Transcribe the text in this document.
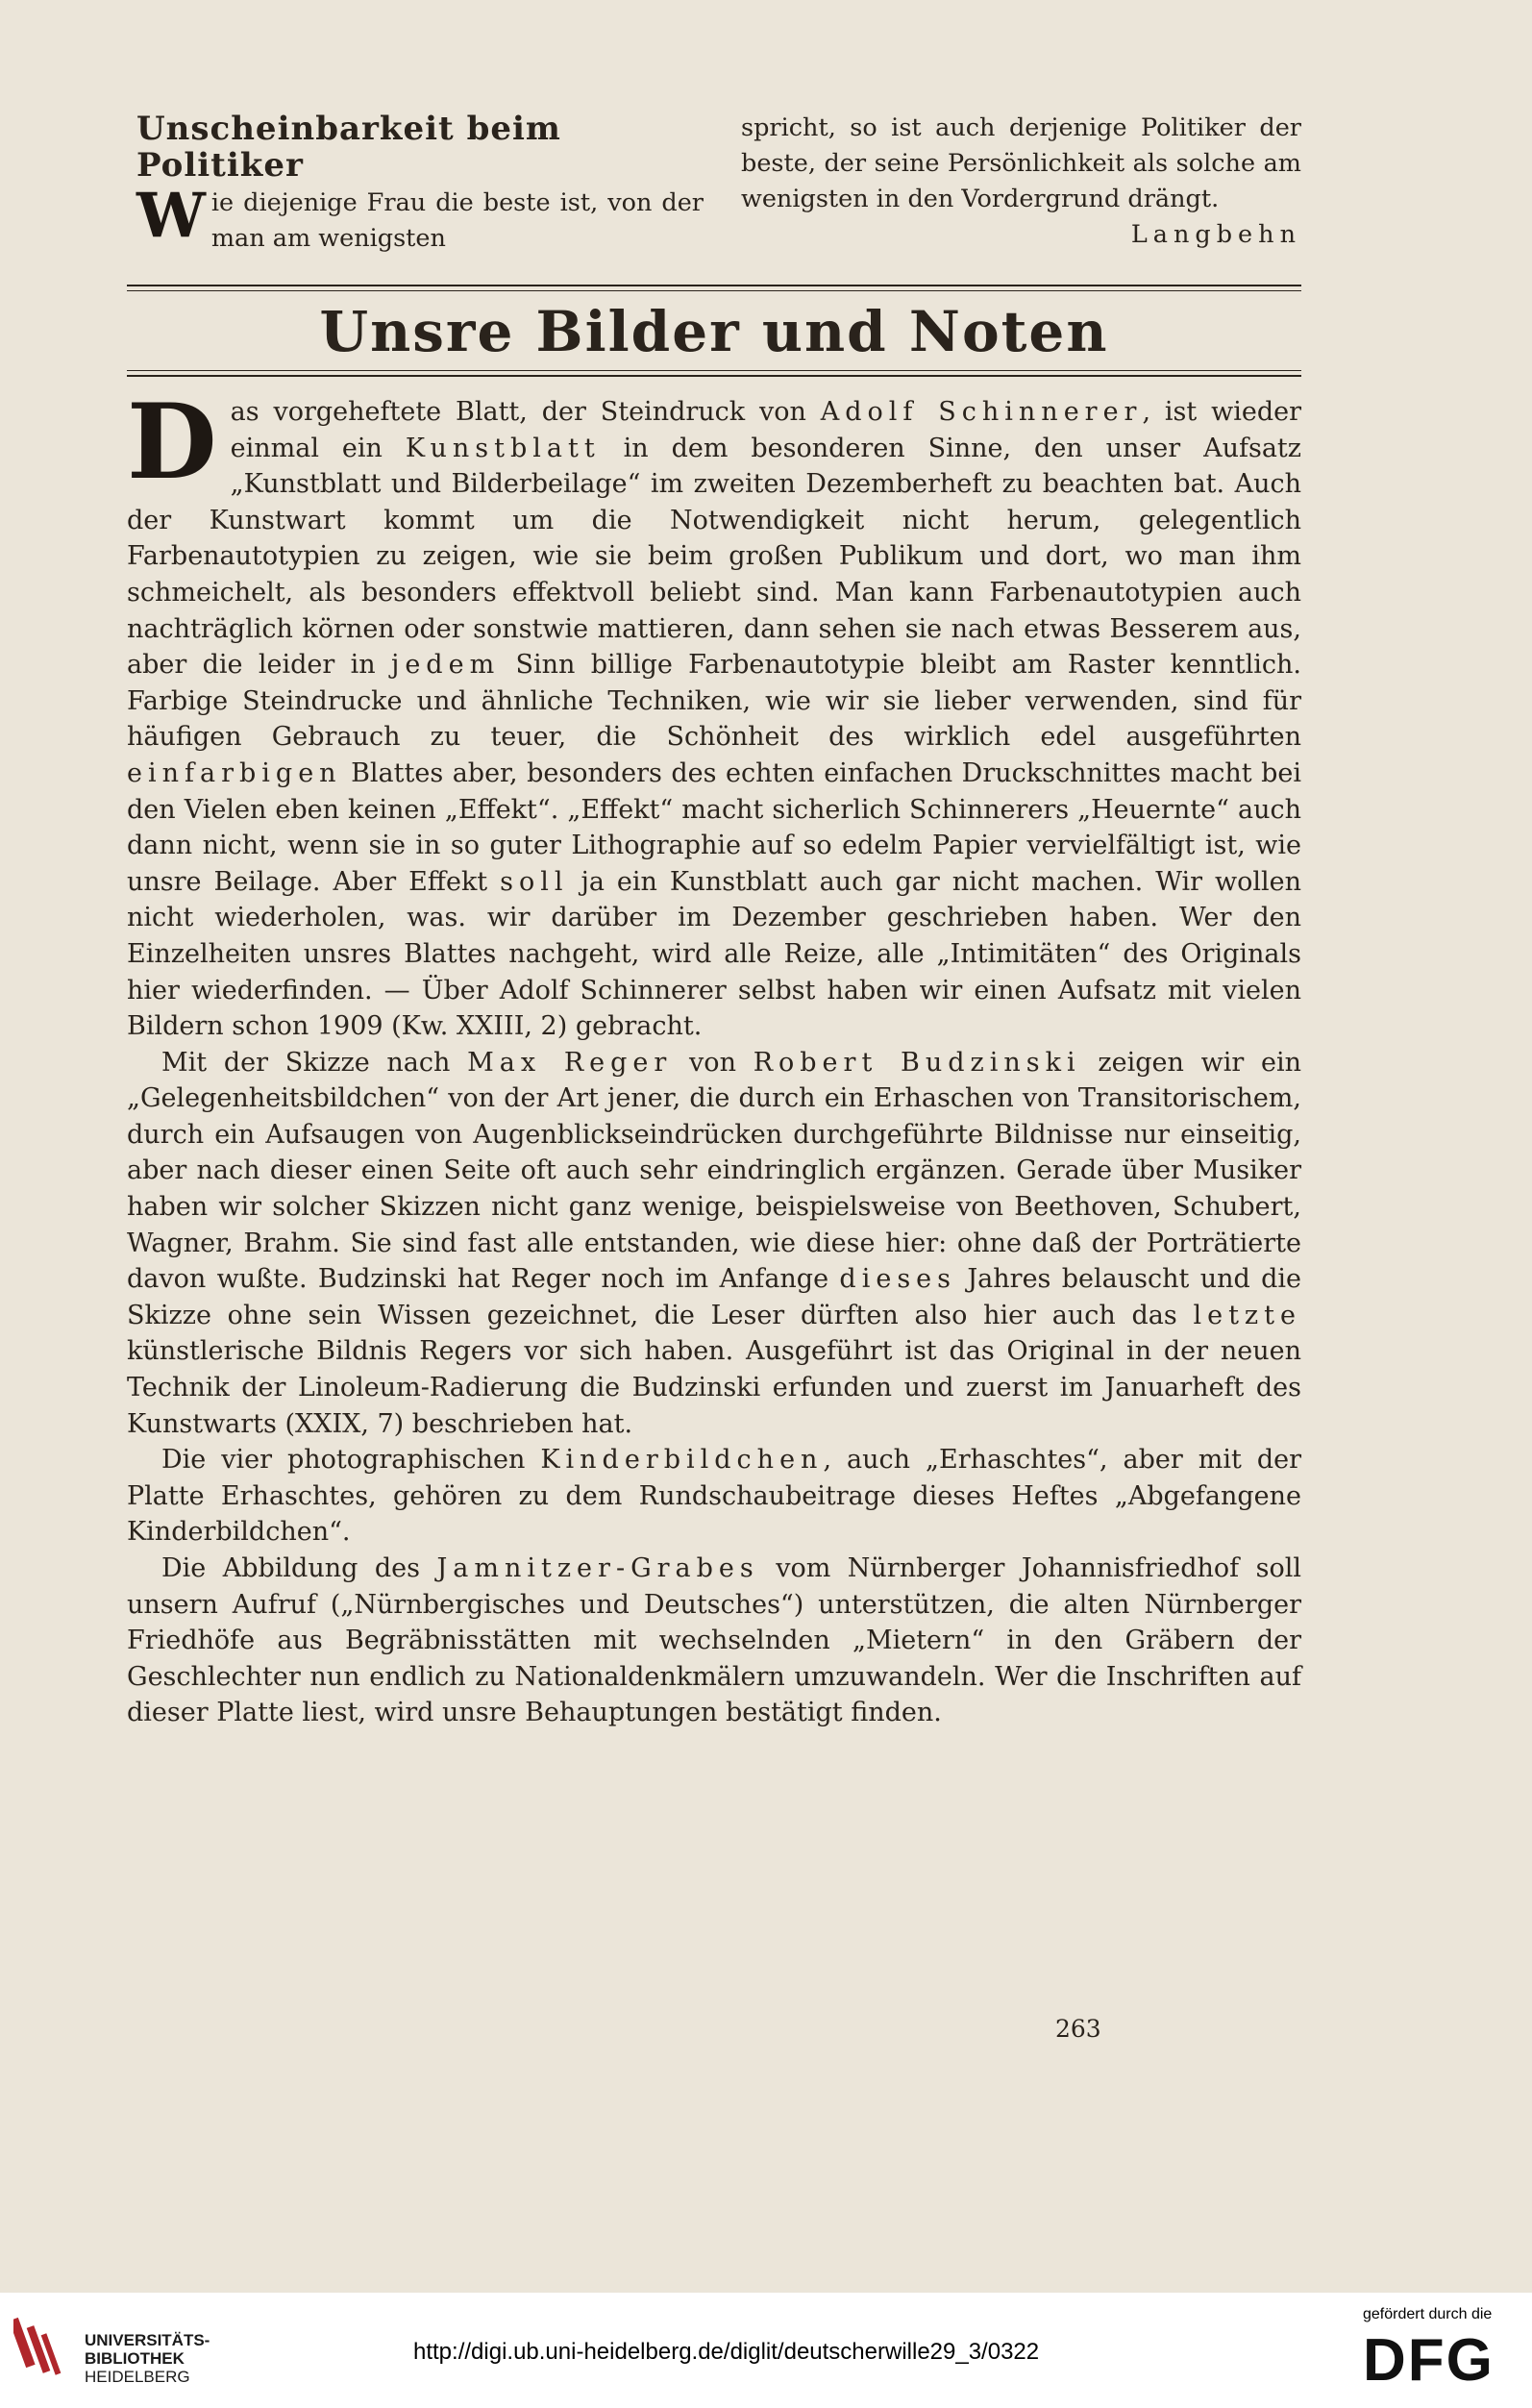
Unscheinbarkeit beim Politiker
W ie diejenige Frau die beste ist, von der man am wenigsten

spricht, so ist auch derjenige Politiker der beste, der seine Persönlichkeit als solche am wenigsten in den Vordergrund drängt.

Langbehn
Unsre Bilder und Noten

Das vorgeheftete Blatt, der Steindruck von Adolf Schinnerer, ist wieder einmal ein Kunstblatt in dem besonderen Sinne, den unser Aufsatz „Kunstblatt und Bilderbeilage“ im zweiten Dezemberheft zu beachten bat. Auch der Kunstwart kommt um die Notwendigkeit nicht herum, gelegentlich Farbenautotypien zu zeigen, wie sie beim großen Publikum und dort, wo man ihm schmeichelt, als besonders effektvoll beliebt sind. Man kann Farbenautotypien auch nachträglich körnen oder sonstwie mattieren, dann sehen sie nach etwas Besserem aus, aber die leider in jedem Sinn billige Farbenautotypie bleibt am Raster kenntlich. Farbige Steindrucke und ähnliche Techniken, wie wir sie lieber verwenden, sind für häufigen Gebrauch zu teuer, die Schönheit des wirklich edel ausgeführten einfarbigen Blattes aber, besonders des echten einfachen Druckschnittes macht bei den Vielen eben keinen „Effekt“. „Effekt“ macht sicherlich Schinnerers „Heuernte“ auch dann nicht, wenn sie in so guter Lithographie auf so edelm Papier vervielfältigt ist, wie unsre Beilage. Aber Effekt soll ja ein Kunstblatt auch gar nicht machen. Wir wollen nicht wiederholen, was. wir darüber im Dezember geschrieben haben. Wer den Einzelheiten unsres Blattes nachgeht, wird alle Reize, alle „Intimitäten“ des Originals hier wiederfinden. — Über Adolf Schinnerer selbst haben wir einen Aufsatz mit vielen Bildern schon 1909 (Kw. XXIII, 2) gebracht.

Mit der Skizze nach Max Reger von Robert Budzinski zeigen wir ein „Gelegenheitsbildchen“ von der Art jener, die durch ein Erhaschen von Transitorischem, durch ein Aufsaugen von Augenblickseindrücken durchgeführte Bildnisse nur einseitig, aber nach dieser einen Seite oft auch sehr eindringlich ergänzen. Gerade über Musiker haben wir solcher Skizzen nicht ganz wenige, beispielsweise von Beethoven, Schubert, Wagner, Brahm. Sie sind fast alle entstanden, wie diese hier: ohne daß der Porträtierte davon wußte. Budzinski hat Reger noch im Anfange dieses Jahres belauscht und die Skizze ohne sein Wissen gezeichnet, die Leser dürften also hier auch das letzte künstlerische Bildnis Regers vor sich haben. Ausgeführt ist das Original in der neuen Technik der Linoleum-Radierung die Budzinski erfunden und zuerst im Januarheft des Kunstwarts (XXIX, 7) beschrieben hat.

Die vier photographischen Kinderbildchen, auch „Erhaschtes“, aber mit der Platte Erhaschtes, gehören zu dem Rundschaubeitrage dieses Heftes „Abgefangene Kinderbildchen“.

Die Abbildung des Jamnitzer-Grabes vom Nürnberger Johannisfriedhof soll unsern Aufruf („Nürnbergisches und Deutsches“) unterstützen, die alten Nürnberger Friedhöfe aus Begräbnisstätten mit wechselnden „Mietern“ in den Gräbern der Geschlechter nun endlich zu Nationaldenkmälern umzuwandeln. Wer die Inschriften auf dieser Platte liest, wird unsre Behauptungen bestätigt finden.

263
UNIVERSITÄTS-
BIBLIOTHEK
HEIDELBERG
http://digi.ub.uni-heidelberg.de/diglit/deutscherwille29_3/0322
gefördert durch die
DFG
